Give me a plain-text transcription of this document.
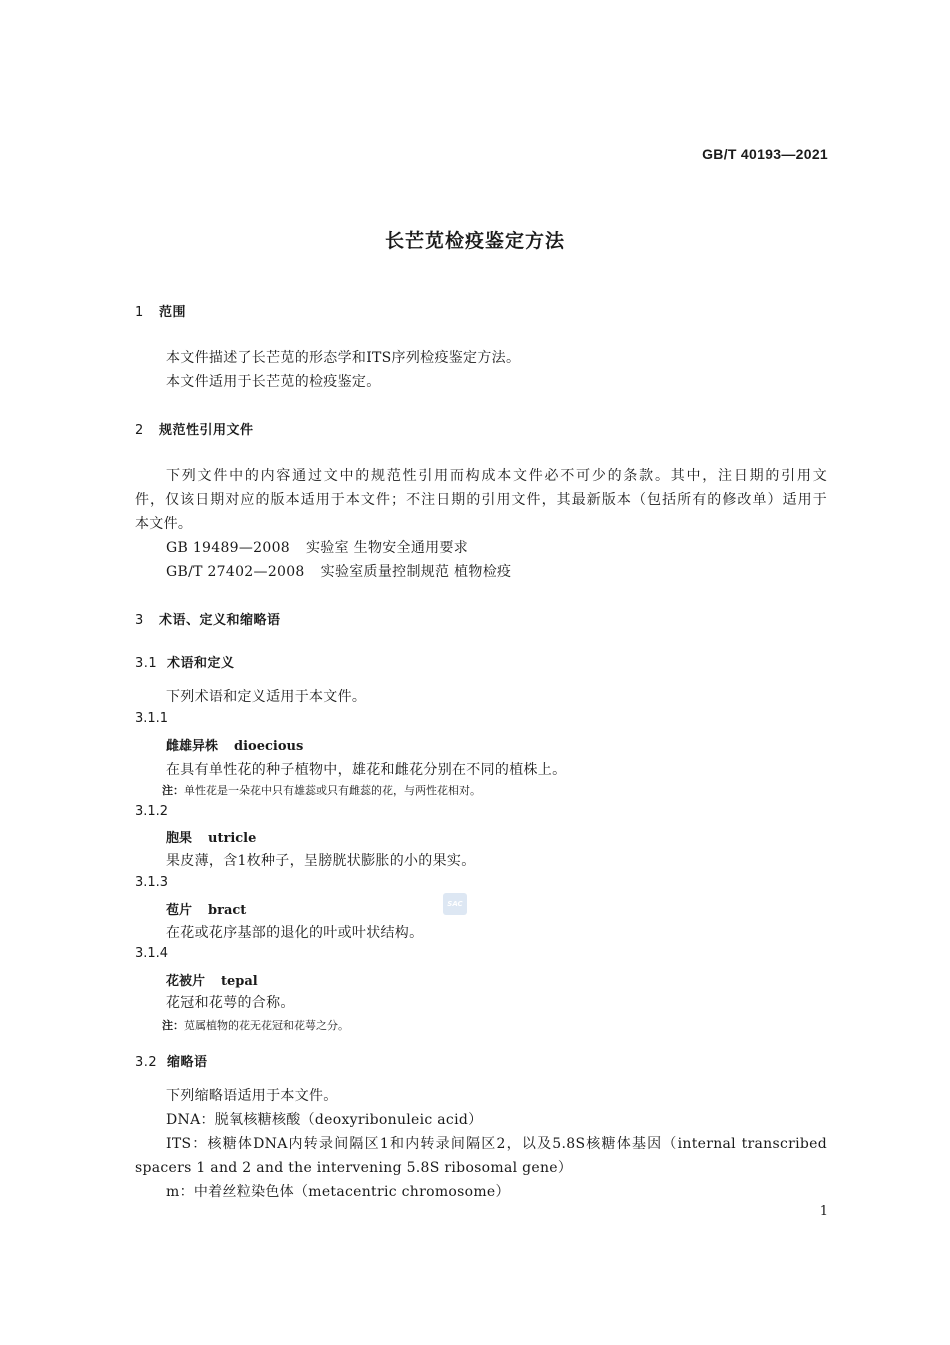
GB/T 40193—2021
长芒苋检疫鉴定方法
1 范围
本文件描述了长芒苋的形态学和ITS序列检疫鉴定方法。
本文件适用于长芒苋的检疫鉴定。
2 规范性引用文件
下列文件中的内容通过文中的规范性引用而构成本文件必不可少的条款。其中，注日期的引用文
件，仅该日期对应的版本适用于本文件；不注日期的引用文件，其最新版本（包括所有的修改单）适用于
本文件。
GB 19489—2008 实验室 生物安全通用要求
GB/T 27402—2008 实验室质量控制规范 植物检疫
3 术语、定义和缩略语
3.1 术语和定义
下列术语和定义适用于本文件。
3.1.1
雌雄异株 dioecious
在具有单性花的种子植物中，雄花和雌花分别在不同的植株上。
注：单性花是一朵花中只有雄蕊或只有雌蕊的花，与两性花相对。
3.1.2
胞果 utricle
果皮薄，含1枚种子，呈膀胱状膨胀的小的果实。
3.1.3
苞片 bract
在花或花序基部的退化的叶或叶状结构。
3.1.4
花被片 tepal
花冠和花萼的合称。
注：苋属植物的花无花冠和花萼之分。
3.2 缩略语
下列缩略语适用于本文件。
DNA：脱氧核糖核酸（deoxyribonuleic acid）
ITS：核糖体DNA内转录间隔区1和内转录间隔区2，以及5.8S核糖体基因（internal transcribed
spacers 1 and 2 and the intervening 5.8S ribosomal gene）
m：中着丝粒染色体（metacentric chromosome）
SAC
1
